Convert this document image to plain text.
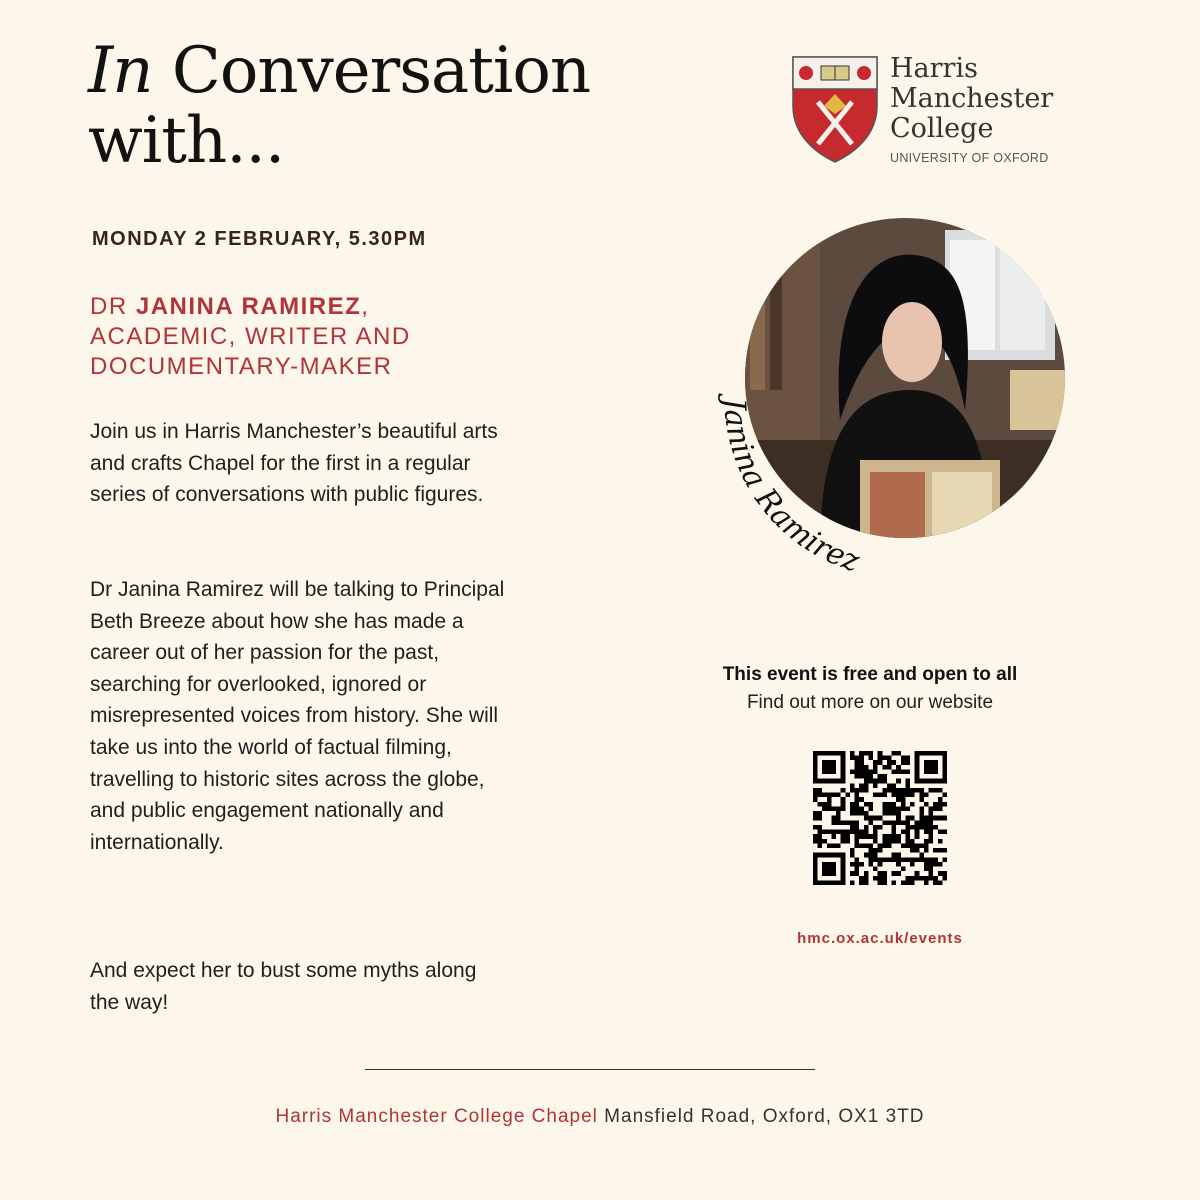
In Conversation
with...
MONDAY 2 FEBRUARY, 5.30PM
DR JANINA RAMIREZ,
ACADEMIC, WRITER AND
DOCUMENTARY-MAKER

Join us in Harris Manchester’s beautiful arts and crafts Chapel for the first in a regular series of conversations with public figures.

Dr Janina Ramirez will be talking to Principal Beth Breeze about how she has made a career out of her passion for the past, searching for overlooked, ignored or misrepresented voices from history. She will take us into the world of factual filming, travelling to historic sites across the globe, and public engagement nationally and internationally.

And expect her to bust some myths along the way!

Harris
Manchester
College
UNIVERSITY OF OXFORD
Janina Ramirez
This event is free and open to all
Find out more on our website
hmc.ox.ac.uk/events
Harris Manchester College Chapel Mansfield Road, Oxford, OX1 3TD
